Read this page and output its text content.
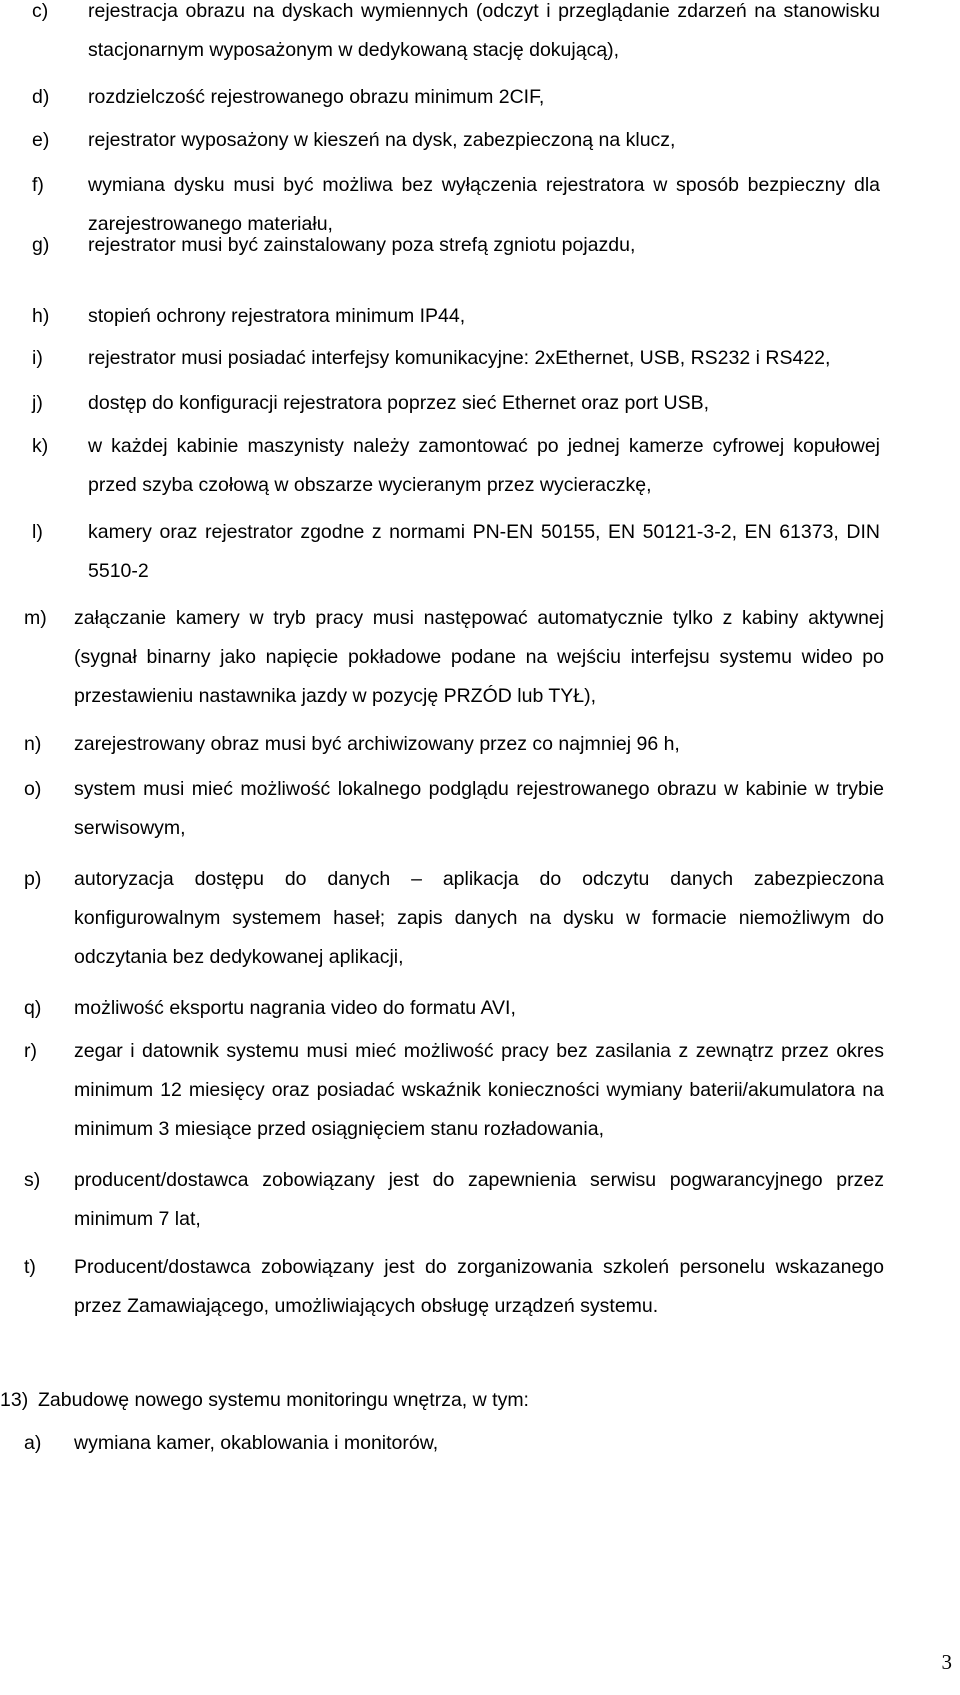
c) rejestracja obrazu na dyskach wymiennych (odczyt i przeglądanie zdarzeń na stanowisku stacjonarnym wyposażonym w dedykowaną stację dokującą),
d) rozdzielczość rejestrowanego obrazu minimum 2CIF,
e) rejestrator wyposażony w kieszeń na dysk, zabezpieczoną na klucz,
f) wymiana dysku musi być możliwa bez wyłączenia rejestratora w sposób bezpieczny dla zarejestrowanego materiału,
g) rejestrator musi być zainstalowany poza strefą zgniotu pojazdu,
h) stopień ochrony rejestratora minimum IP44,
i) rejestrator musi posiadać interfejsy komunikacyjne: 2xEthernet, USB, RS232 i RS422,
j) dostęp do konfiguracji rejestratora poprzez sieć Ethernet oraz port USB,
k) w każdej kabinie maszynisty należy zamontować po jednej kamerze cyfrowej kopułowej przed szyba czołową w obszarze wycieranym przez wycieraczkę,
l) kamery oraz rejestrator zgodne z normami PN-EN 50155, EN 50121-3-2, EN 61373, DIN 5510-2
m) załączanie kamery w tryb pracy musi następować automatycznie tylko z kabiny aktywnej (sygnał binarny jako napięcie pokładowe podane na wejściu interfejsu systemu wideo po przestawieniu nastawnika jazdy w pozycję PRZÓD lub TYŁ),
n) zarejestrowany obraz musi być archiwizowany przez co najmniej 96 h,
o) system musi mieć możliwość lokalnego podglądu rejestrowanego obrazu w kabinie w trybie serwisowym,
p) autoryzacja dostępu do danych – aplikacja do odczytu danych zabezpieczona konfigurowalnym systemem haseł; zapis danych na dysku w formacie niemożliwym do odczytania bez dedykowanej aplikacji,
q) możliwość eksportu nagrania video do formatu AVI,
r) zegar i datownik systemu musi mieć możliwość pracy bez zasilania z zewnątrz przez okres minimum 12 miesięcy oraz posiadać wskaźnik konieczności wymiany baterii/akumulatora na minimum 3 miesiące przed osiągnięciem stanu rozładowania,
s) producent/dostawca zobowiązany jest do zapewnienia serwisu pogwarancyjnego przez minimum 7 lat,
t) Producent/dostawca zobowiązany jest do zorganizowania szkoleń personelu wskazanego przez Zamawiającego, umożliwiających obsługę urządzeń systemu.
13) Zabudowę nowego systemu monitoringu wnętrza, w tym:
a) wymiana kamer, okablowania i monitorów,
3
